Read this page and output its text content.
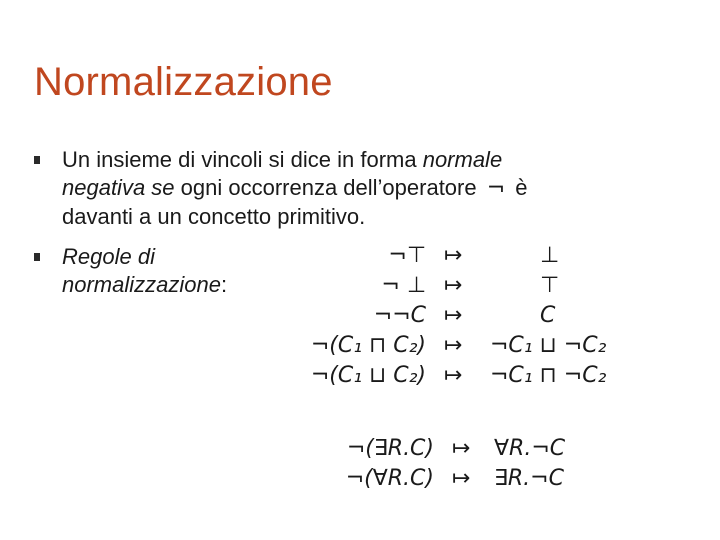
Normalizzazione
Un insieme di vincoli si dice in forma normale
negativa se ogni occorrenza dell’operatore ¬ è
davanti a un concetto primitivo.
Regole di
normalizzazione:
¬⊤ ↦	⊥
¬ ⊥ ↦	⊤
¬¬C ↦	C
¬(C₁ ⊓ C₂) ↦ ¬C₁ ⊔ ¬C₂
¬(C₁ ⊔ C₂) ↦ ¬C₁ ⊓ ¬C₂
¬(∃R.C) ↦ ∀R.¬C
¬(∀R.C) ↦ ∃R.¬C
